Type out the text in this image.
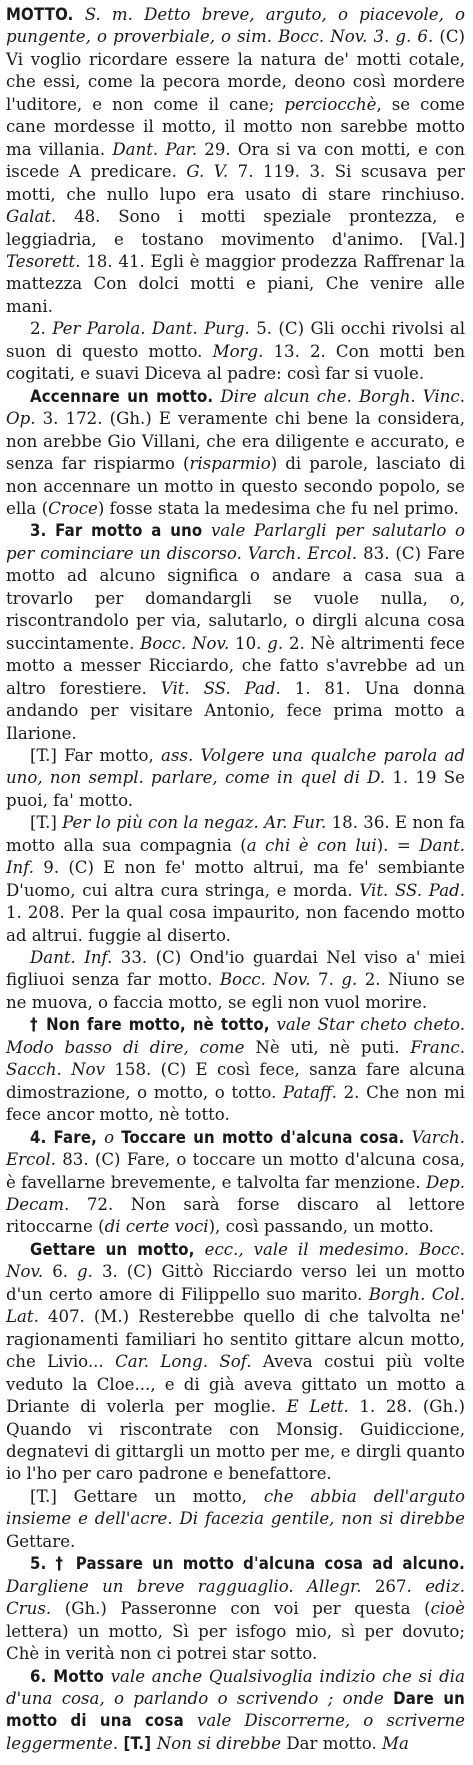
MOTTO. S. m. Detto breve, arguto, o piacevole, o pungente, o proverbiale, o sim. Bocc. Nov. 3. g. 6. (C) Vi voglio ricordare essere la natura de' motti cotale, che essi, come la pecora morde, deono così mordere l'uditore, e non come il cane; perciocchè, se come cane mordesse il motto, il motto non sarebbe motto ma villania. Dant. Par. 29. Ora si va con motti, e con iscede A predicare. G. V. 7. 119. 3. Si scusava per motti, che nullo lupo era usato di stare rinchiuso. Galat. 48. Sono i motti speziale prontezza, e leggiadria, e tostano movimento d'animo. [Val.] Tesorett. 18. 41. Egli è maggior prodezza Raffrenar la mattezza Con dolci motti e piani, Che venire alle mani.

2. Per Parola. Dant. Purg. 5. (C) Gli occhi rivolsi al suon di questo motto. Morg. 13. 2. Con motti ben cogitati, e suavi Diceva al padre: così far si vuole.

Accennare un motto. Dire alcun che. Borgh. Vinc. Op. 3. 172. (Gh.) E veramente chi bene la considera, non arebbe Gio Villani, che era diligente e accurato, e senza far rispiarmo (risparmio) di parole, lasciato di non accennare un motto in questo secondo popolo, se ella (Croce) fosse stata la medesima che fu nel primo.

3. Far motto a uno vale Parlargli per salutarlo o per cominciare un discorso. Varch. Ercol. 83. (C) Fare motto ad alcuno significa o andare a casa sua a trovarlo per domandargli se vuole nulla, o, riscontrandolo per via, salutarlo, o dirgli alcuna cosa succintamente. Bocc. Nov. 10. g. 2. Nè altrimenti fece motto a messer Ricciardo, che fatto s'avrebbe ad un altro forestiere. Vit. SS. Pad. 1. 81. Una donna andando per visitare Antonio, fece prima motto a Ilarione.

[T.] Far motto, ass. Volgere una qualche parola ad uno, non sempl. parlare, come in quel di D. 1. 19 Se puoi, fa' motto.

[T.] Per lo più con la negaz. Ar. Fur. 18. 36. E non fa motto alla sua compagnia (a chi è con lui). = Dant. Inf. 9. (C) E non fe' motto altrui, ma fe' sembiante D'uomo, cui altra cura stringa, e morda. Vit. SS. Pad. 1. 208. Per la qual cosa impaurito, non facendo motto ad altrui. fuggie al diserto.

Dant. Inf. 33. (C) Ond'io guardai Nel viso a' miei figliuoi senza far motto. Bocc. Nov. 7. g. 2. Niuno se ne muova, o faccia motto, se egli non vuol morire.

† Non fare motto, nè totto, vale Star cheto cheto. Modo basso di dire, come Nè uti, nè puti. Franc. Sacch. Nov 158. (C) E così fece, sanza fare alcuna dimostrazione, o motto, o totto. Pataff. 2. Che non mi fece ancor motto, nè totto.

4. Fare, o Toccare un motto d'alcuna cosa. Varch. Ercol. 83. (C) Fare, o toccare un motto d'alcuna cosa, è favellarne brevemente, e talvolta far menzione. Dep. Decam. 72. Non sarà forse discaro al lettore ritoccarne (di certe voci), così passando, un motto.

Gettare un motto, ecc., vale il medesimo. Bocc. Nov. 6. g. 3. (C) Gittò Ricciardo verso lei un motto d'un certo amore di Filippello suo marito. Borgh. Col. Lat. 407. (M.) Resterebbe quello di che talvolta ne' ragionamenti familiari ho sentito gittare alcun motto, che Livio... Car. Long. Sof. Aveva costui più volte veduto la Cloe..., e di già aveva gittato un motto a Driante di volerla per moglie. E Lett. 1. 28. (Gh.) Quando vi riscontrate con Monsig. Guidiccione, degnatevi di gittargli un motto per me, e dirgli quanto io l'ho per caro padrone e benefattore.

[T.] Gettare un motto, che abbia dell'arguto insieme e dell'acre. Di facezia gentile, non si direbbe Gettare.

5. † Passare un motto d'alcuna cosa ad alcuno. Dargliene un breve ragguaglio. Allegr. 267. ediz. Crus. (Gh.) Passeronne con voi per questa (cioè lettera) un motto, Sì per isfogo mio, sì per dovuto; Chè in verità non ci potrei star sotto.

6. Motto vale anche Qualsivoglia indizio che si dia d'una cosa, o parlando o scrivendo ; onde Dare un motto di una cosa vale Discorrerne, o scriverne leggermente. [T.] Non si direbbe Dar motto. Ma
